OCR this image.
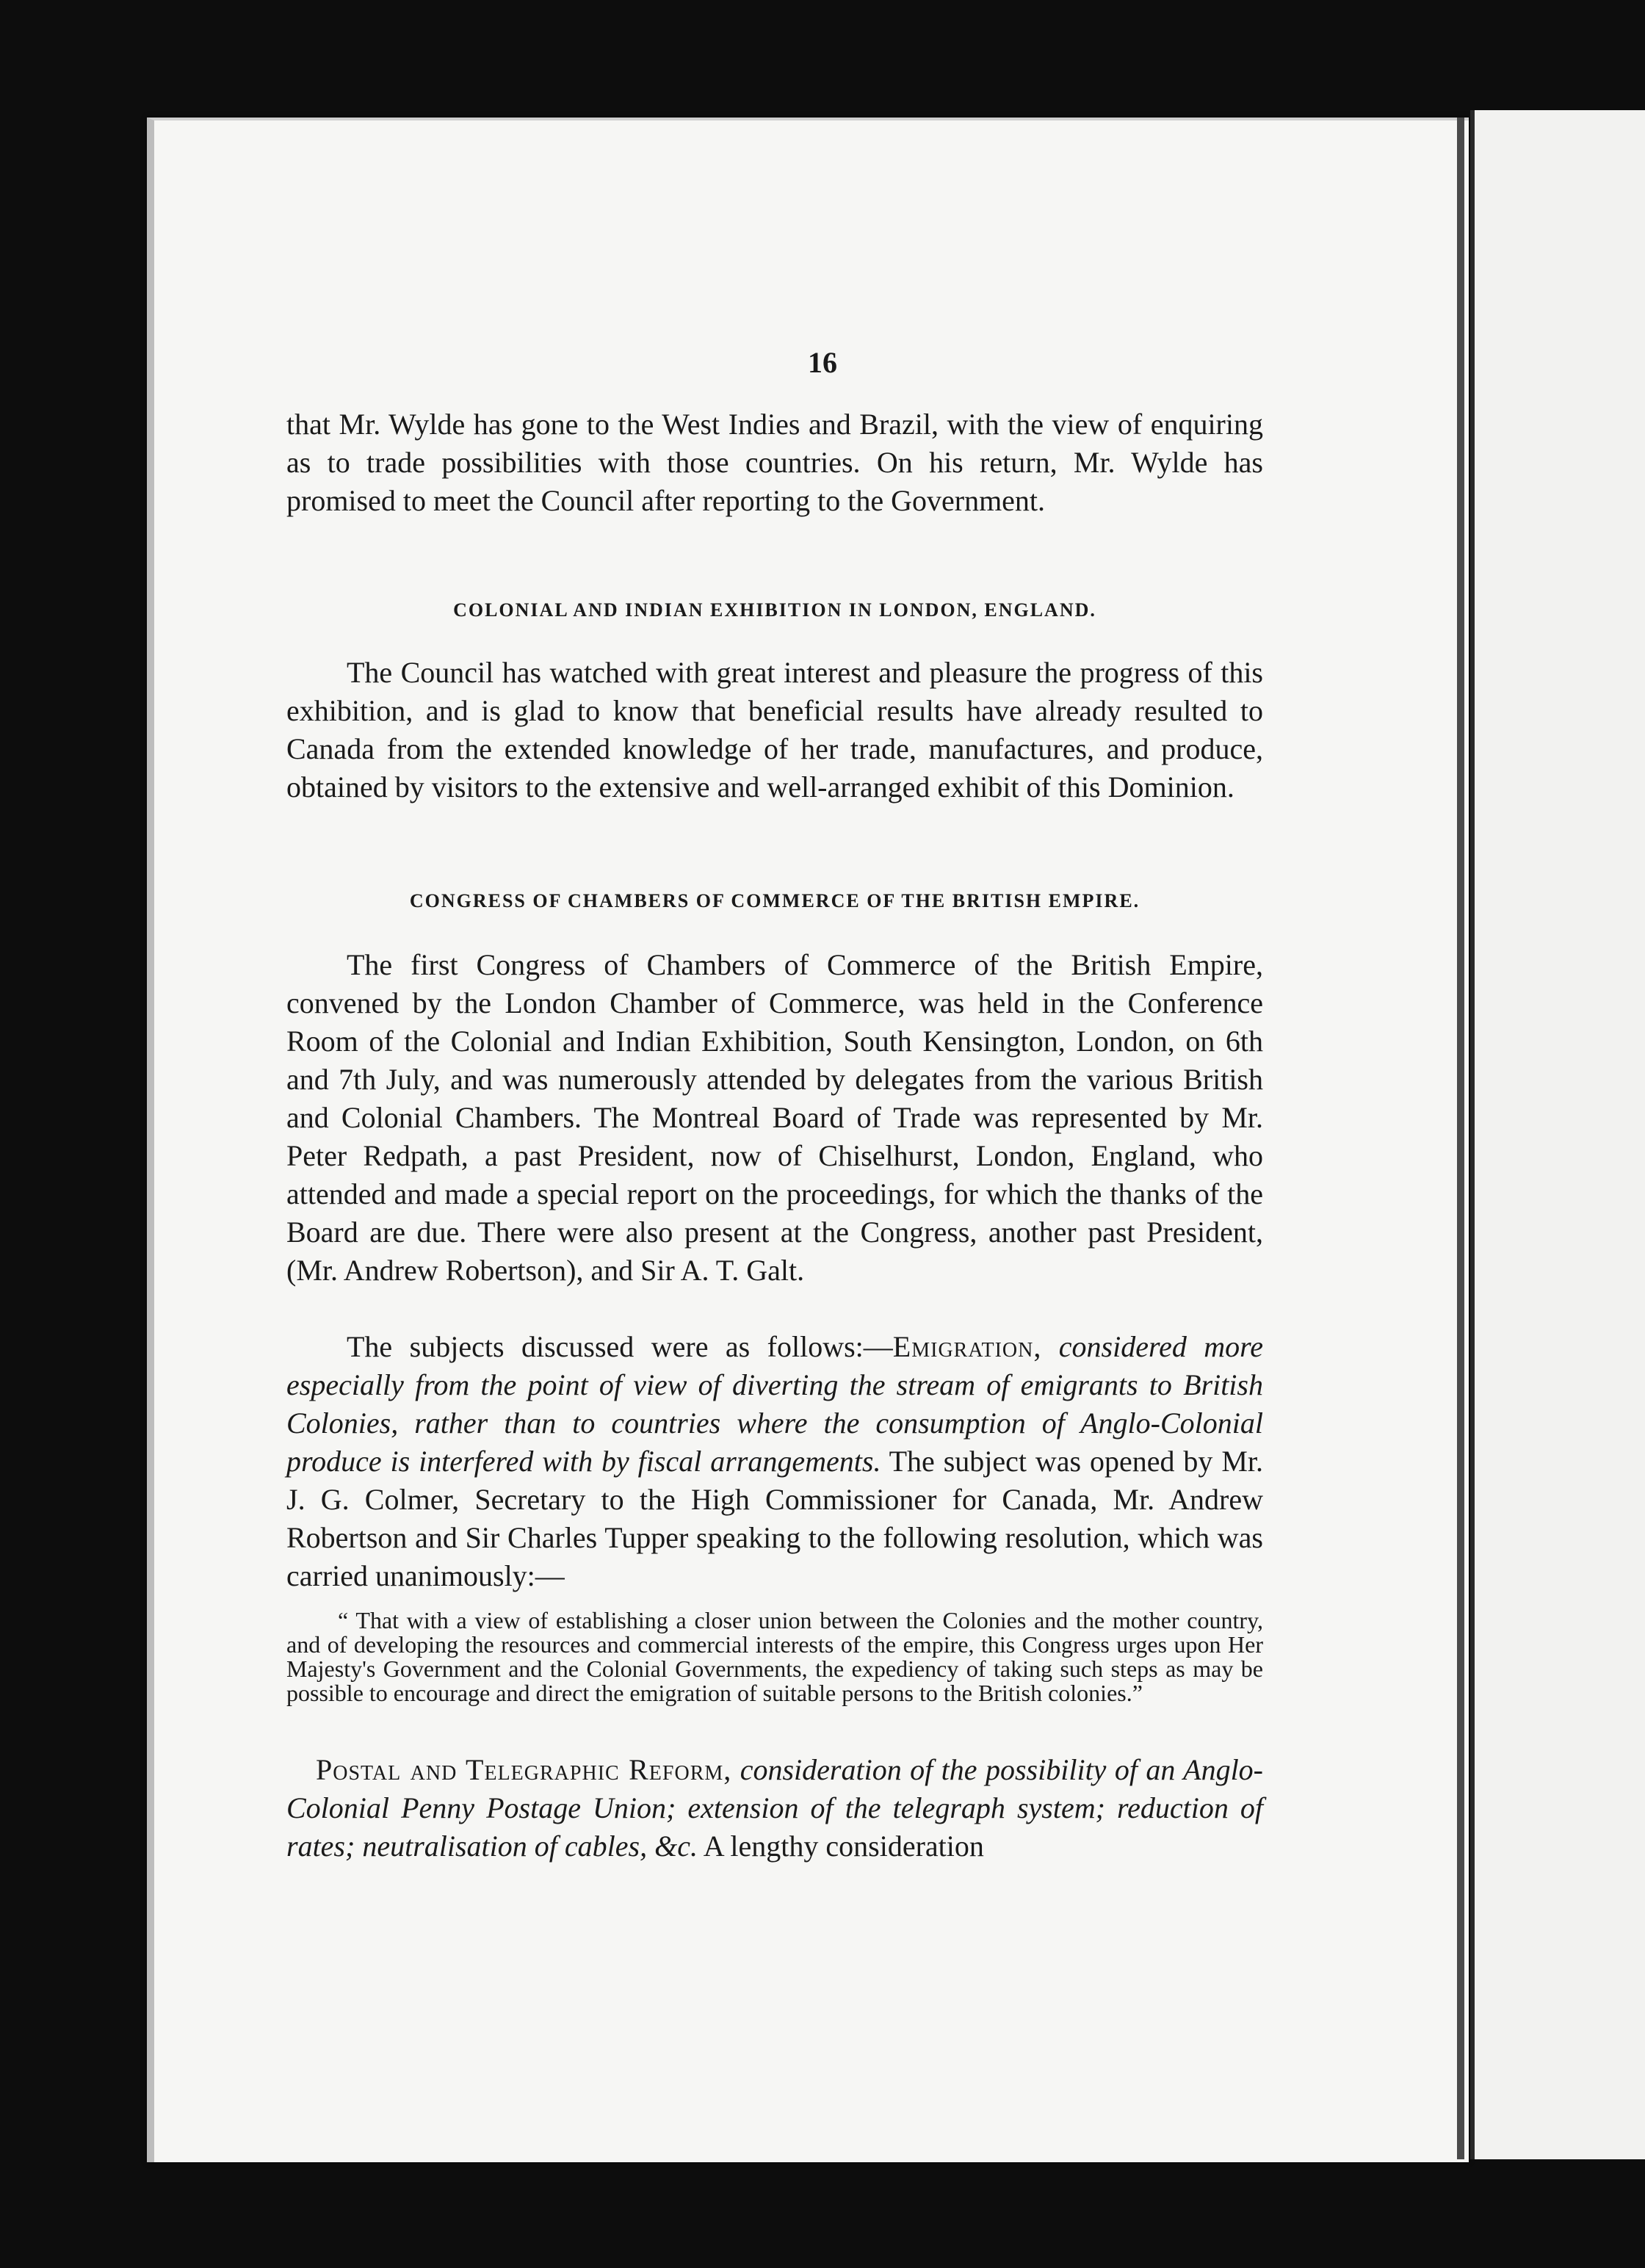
16

that Mr. Wylde has gone to the West Indies and Brazil, with the view of enquiring as to trade possibilities with those countries. On his return, Mr. Wylde has promised to meet the Council after reporting to the Government.

COLONIAL AND INDIAN EXHIBITION IN LONDON, ENGLAND.

The Council has watched with great interest and pleasure the progress of this exhibition, and is glad to know that beneficial results have already resulted to Canada from the extended knowledge of her trade, manufactures, and produce, obtained by visitors to the extensive and well-arranged exhibit of this Dominion.

CONGRESS OF CHAMBERS OF COMMERCE OF THE BRITISH EMPIRE.

The first Congress of Chambers of Commerce of the British Empire, convened by the London Chamber of Commerce, was held in the Conference Room of the Colonial and Indian Exhibition, South Kensington, London, on 6th and 7th July, and was numerously attended by delegates from the various British and Colonial Chambers. The Montreal Board of Trade was represented by Mr. Peter Redpath, a past President, now of Chiselhurst, London, England, who attended and made a special report on the proceedings, for which the thanks of the Board are due. There were also present at the Congress, another past President, (Mr. Andrew Robertson), and Sir A. T. Galt.

The subjects discussed were as follows:—Emigration, considered more especially from the point of view of diverting the stream of emigrants to British Colonies, rather than to countries where the consumption of Anglo-Colonial produce is interfered with by fiscal arrangements. The subject was opened by Mr. J. G. Colmer, Secretary to the High Commissioner for Canada, Mr. Andrew Robertson and Sir Charles Tupper speaking to the following resolution, which was carried unanimously:—

“ That with a view of establishing a closer union between the Colonies and the mother country, and of developing the resources and commercial interests of the empire, this Congress urges upon Her Majesty's Government and the Colonial Governments, the expediency of taking such steps as may be possible to encourage and direct the emigration of suitable persons to the British colonies.”

Postal and Telegraphic Reform, consideration of the possibility of an Anglo-Colonial Penny Postage Union; extension of the telegraph system; reduction of rates; neutralisation of cables, &c. A lengthy consideration
